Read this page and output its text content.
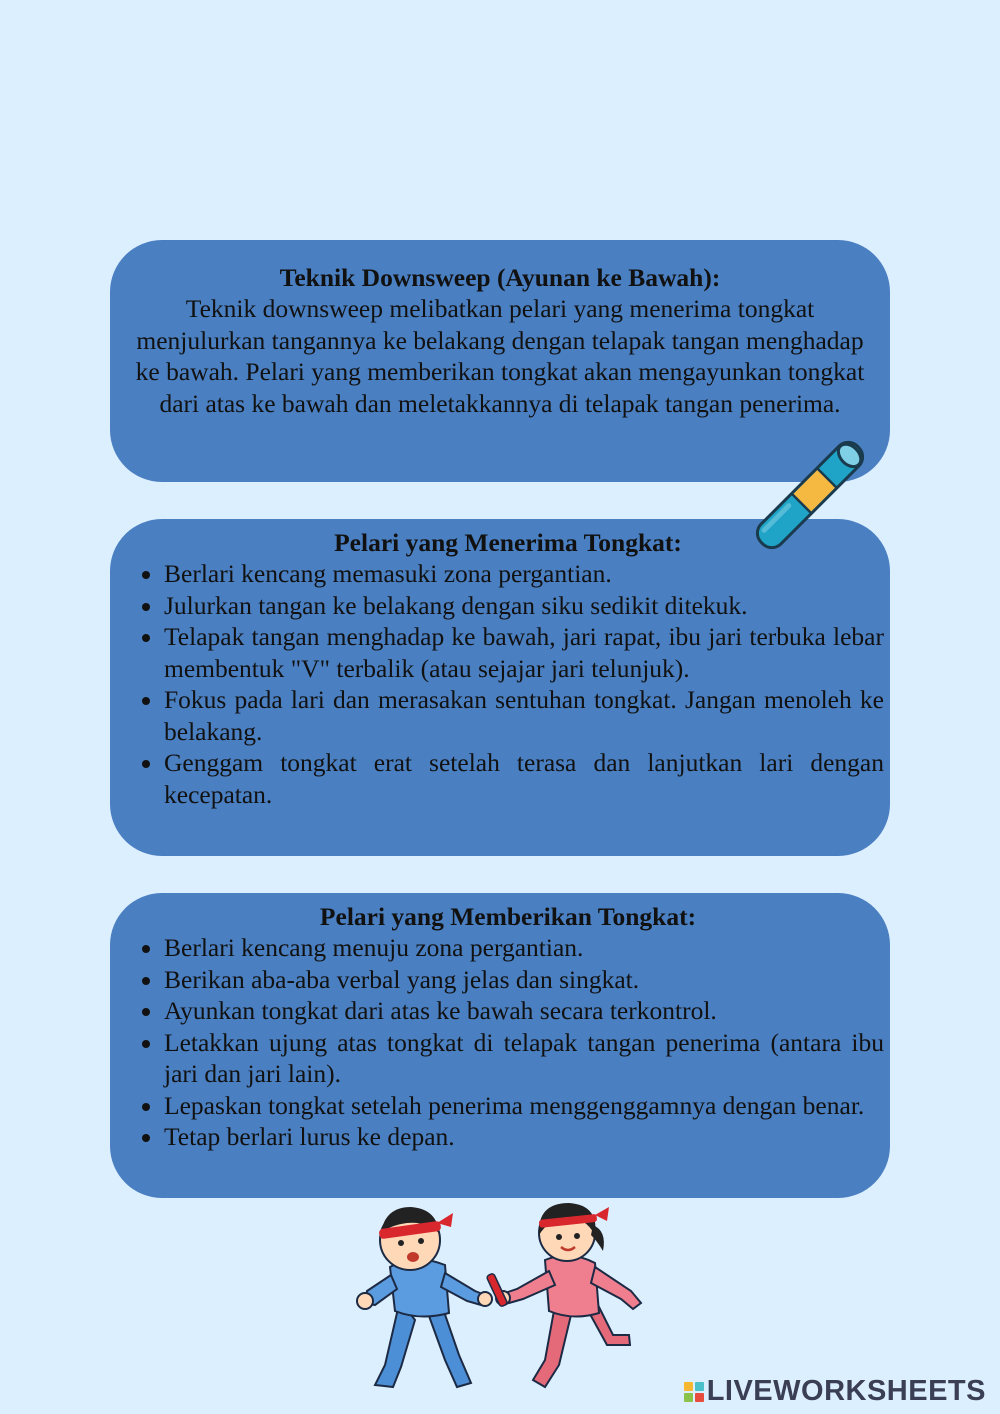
Teknik Downsweep (Ayunan ke Bawah):

Teknik downsweep melibatkan pelari yang menerima tongkat menjulurkan tangannya ke belakang dengan telapak tangan menghadap ke bawah. Pelari yang memberikan tongkat akan mengayunkan tongkat dari atas ke bawah dan meletakkannya di telapak tangan penerima.

Pelari yang Menerima Tongkat:

• Berlari kencang memasuki zona pergantian.
• Julurkan tangan ke belakang dengan siku sedikit ditekuk.
• Telapak tangan menghadap ke bawah, jari rapat, ibu jari terbuka lebar membentuk "V" terbalik (atau sejajar jari telunjuk).
• Fokus pada lari dan merasakan sentuhan tongkat. Jangan menoleh ke belakang.
• Genggam tongkat erat setelah terasa dan lanjutkan lari dengan kecepatan.

Pelari yang Memberikan Tongkat:

• Berlari kencang menuju zona pergantian.
• Berikan aba-aba verbal yang jelas dan singkat.
• Ayunkan tongkat dari atas ke bawah secara terkontrol.
• Letakkan ujung atas tongkat di telapak tangan penerima (antara ibu jari dan jari lain).
• Lepaskan tongkat setelah penerima menggenggamnya dengan benar.
• Tetap berlari lurus ke depan.
LIVEWORKSHEETS
